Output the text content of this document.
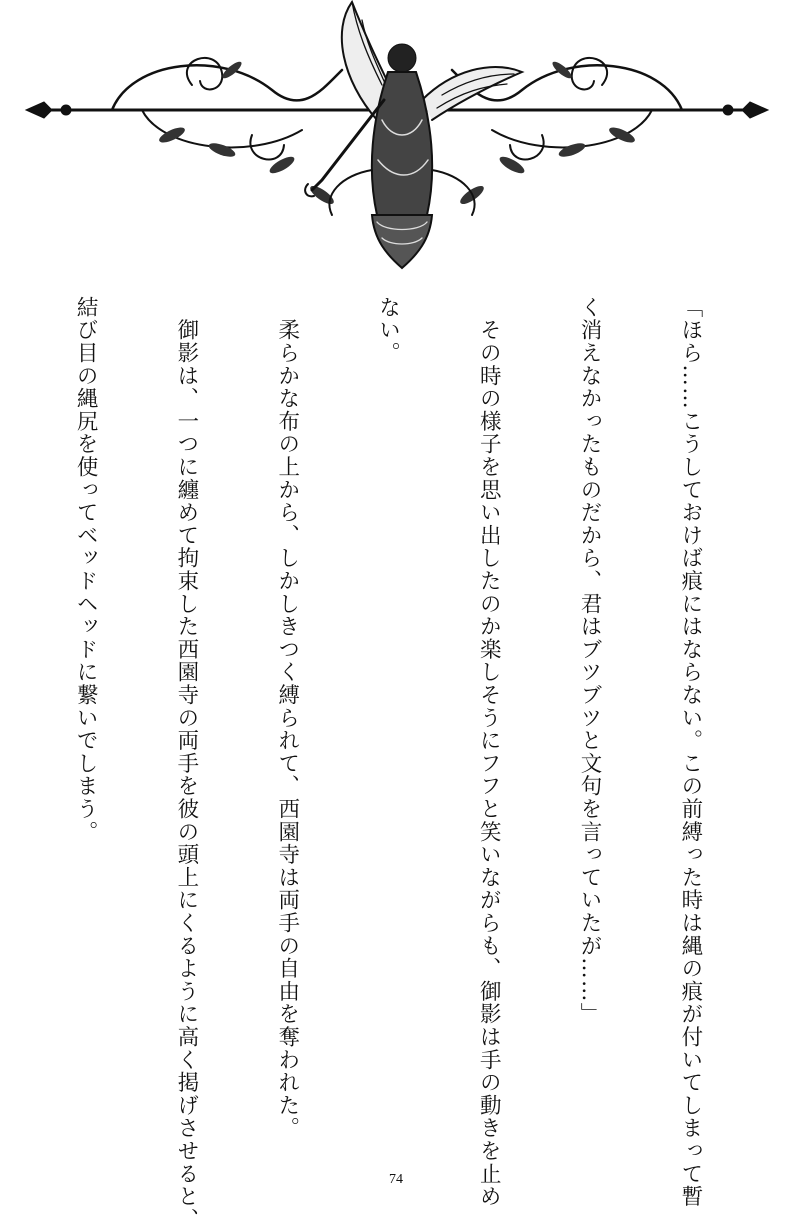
「ほら……こうしておけば痕にはならない。この前縛った時は縄の痕が付いてしまって暫

く消えなかったものだから、君はブツブツと文句を言っていたが……」

　その時の様子を思い出したのか楽しそうにフフと笑いながらも、御影は手の動きを止め

ない。

　柔らかな布の上から、しかしきつく縛られて、西園寺は両手の自由を奪われた。

　御影は、一つに纏めて拘束した西園寺の両手を彼の頭上にくるように高く掲げさせると、

結び目の縄尻を使ってベッドヘッドに繋いでしまう。

74
